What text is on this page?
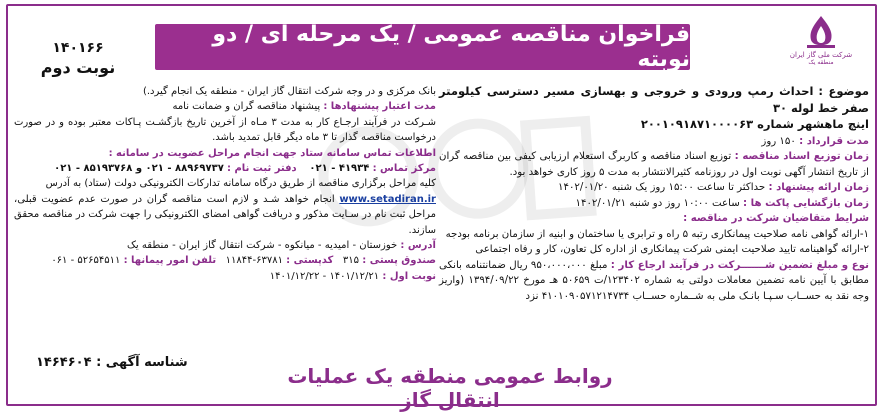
فراخوان مناقصه عمومی / یک مرحله ای / دو نوبته	شرکت ملی گاز ایران
منطقه یک
۱۴۰۱۶۶
نوبت دوم

موضوع : احداث رمپ ورودی و خروجی و بهسازی مسیر دسترسی کیلومتر صفر خط لوله ۳۰

اینچ ماهشهر شماره ۲۰۰۱۰۹۱۸۷۱۰۰۰۰۶۳

مدت قرارداد : ۱۵۰ روز

زمان توزیع اسناد مناقصه : توزیع اسناد مناقصه و کاربرگ استعلام ارزیابی کیفی بین مناقصه گران از تاریخ انتشار آگهی نوبت اول در روزنامه کثیرالانتشار به مدت ۵ روز کاری خواهد بود.

زمان ارائه پیشنهاد : حداکثر تا ساعت ۱۵:۰۰ روز یک شنبه ۱۴۰۲/۰۱/۲۰

زمان بازگشایی پاکت ها : ساعت ۱۰:۰۰ روز دو شنبه ۱۴۰۲/۰۱/۲۱

شرایط متقاضیان شرکت در مناقصه :

۱-ارائه گواهی نامه صلاحیت پیمانکاری رتبه ۵ راه و ترابری یا ساختمان و ابنیه از سازمان برنامه بودجه

۲-ارائه گواهینامه تایید صلاحیت ایمنی شرکت پیمانکاری از اداره کل تعاون، کار و رفاه اجتماعی

نوع و مبلغ تضمین شـــــــرکت در فرآیند ارجاع کار : مبلغ ۹۵۰،۰۰۰،۰۰۰ ریال ضمانتنامه بانکی مطابق با آیین نامه تضمین معاملات دولتی به شماره ۱۲۳۴۰۲/ت ۵۰۶۵۹ هـ مورخ ۱۳۹۴/۰۹/۲۲ (واریز وجه نقد به حســاب سـپـا بانـک ملی به شــماره حســاب ۴۱۰۱۰۹۰۵۷۱۲۱۴۷۳۴ نزد

بانک مرکزی و در وجه شرکت انتقال گاز ایران - منطقه یک انجام گیرد.)

مدت اعتبار پیشنهادها : پیشنهاد مناقصه گران و ضمانت نامه

شـرکت در فرآیند ارجـاع کار به مدت ۳ مـاه از آخرین تاریخ بازگشـت پـاکات معتبر بوده و در صورت درخواست مناقصه گذار تا ۳ ماه دیگر قابل تمدید باشد.

اطلاعات تماس سامانه ستاد جهت انجام مراحل عضویت در سامانه :

مرکز تماس : ۴۱۹۳۴ - ۰۲۱    دفتر ثبت نام : ۸۸۹۶۹۷۳۷ - ۰۲۱ و ۸۵۱۹۳۷۶۸ - ۰۲۱

کلیه مراحل برگزاری مناقصه از طریق درگاه سامانه تدارکات الکترونیکی دولت (ستاد) به آدرس

www.setadiran.ir انجام خواهد شـد و لازم است مناقصه گران در صورت عدم عضویت قبلی، مراحل ثبت نام در سـایت مذکور و دریافت گواهی امضای الکترونیکی را جهت شرکت در مناقصه محقق سازند.

آدرس : خوزستان - امیدیه - میانکوه - شرکت انتقال گاز ایران - منطقه یک

صندوق پستی : ۳۱۵   کدپستی : ۶۳۷۸۱-۱۱۸۴۴   تلفن امور پیمانها : ۵۲۶۵۴۵۱۱ - ۰۶۱

نوبت اول : ۱۴۰۱/۱۲/۲۱ - ۱۴۰۱/۱۲/۲۲

شناسه آگهی : ۱۴۶۴۶۰۴
روابط عمومی منطقه یک عملیات انتقال گاز
